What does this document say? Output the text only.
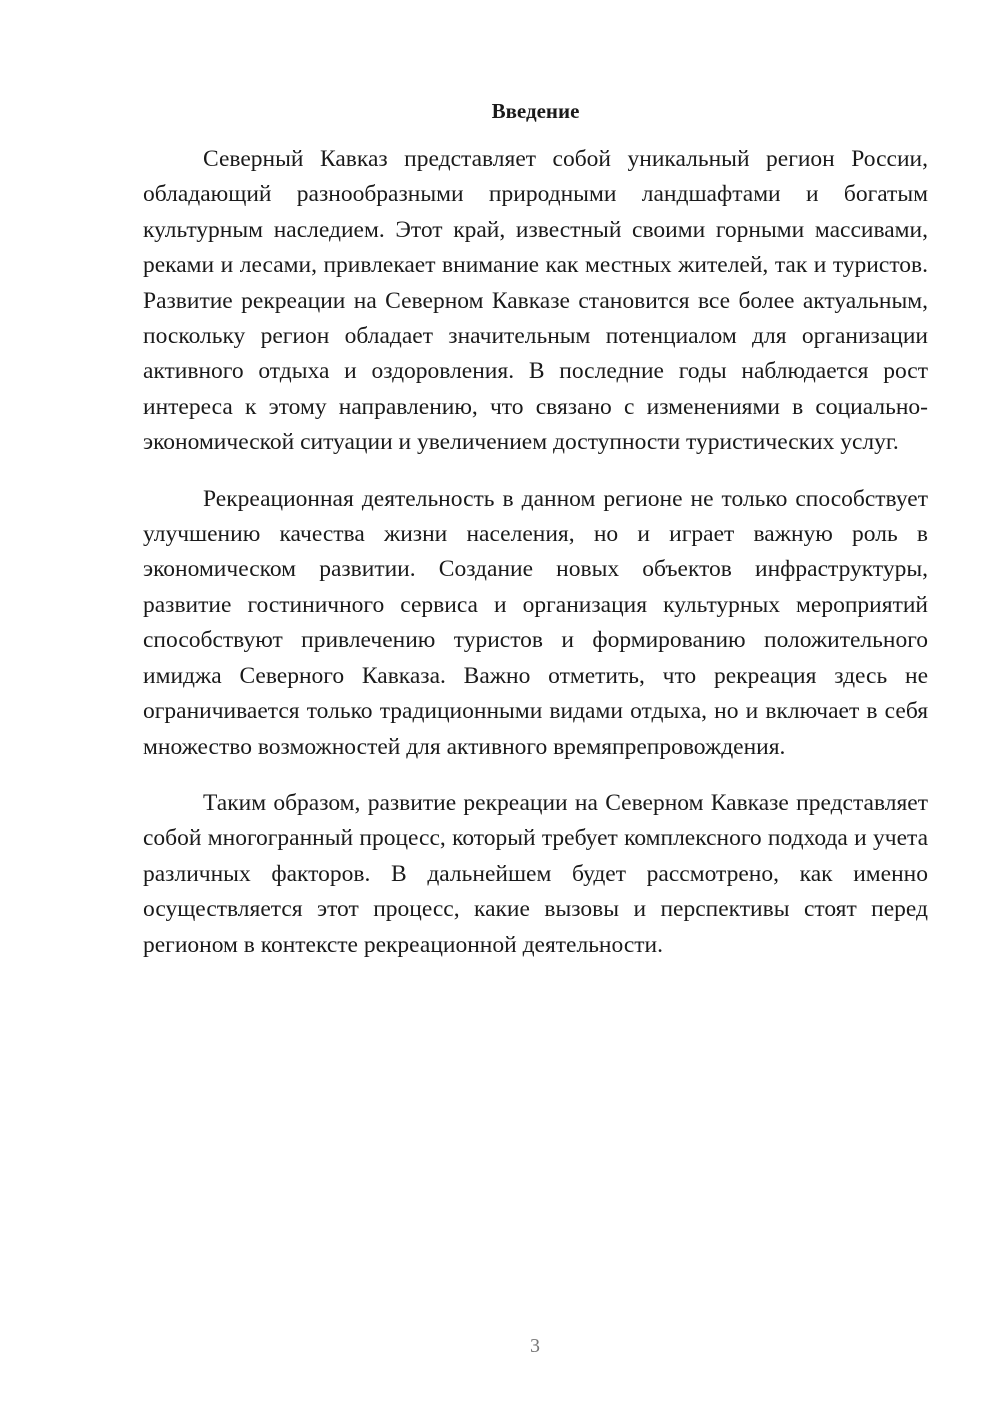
Введение

Северный Кавказ представляет собой уникальный регион России, обладающий разнообразными природными ландшафтами и богатым культурным наследием. Этот край, известный своими горными массивами, реками и лесами, привлекает внимание как местных жителей, так и туристов. Развитие рекреации на Северном Кавказе становится все более актуальным, поскольку регион обладает значительным потенциалом для организации активного отдыха и оздоровления. В последние годы наблюдается рост интереса к этому направлению, что связано с изменениями в социально-экономической ситуации и увеличением доступности туристических услуг.

Рекреационная деятельность в данном регионе не только способствует улучшению качества жизни населения, но и играет важную роль в экономическом развитии. Создание новых объектов инфраструктуры, развитие гостиничного сервиса и организация культурных мероприятий способствуют привлечению туристов и формированию положительного имиджа Северного Кавказа. Важно отметить, что рекреация здесь не ограничивается только традиционными видами отдыха, но и включает в себя множество возможностей для активного времяпрепровождения.

Таким образом, развитие рекреации на Северном Кавказе представляет собой многогранный процесс, который требует комплексного подхода и учета различных факторов. В дальнейшем будет рассмотрено, как именно осуществляется этот процесс, какие вызовы и перспективы стоят перед регионом в контексте рекреационной деятельности.

3
